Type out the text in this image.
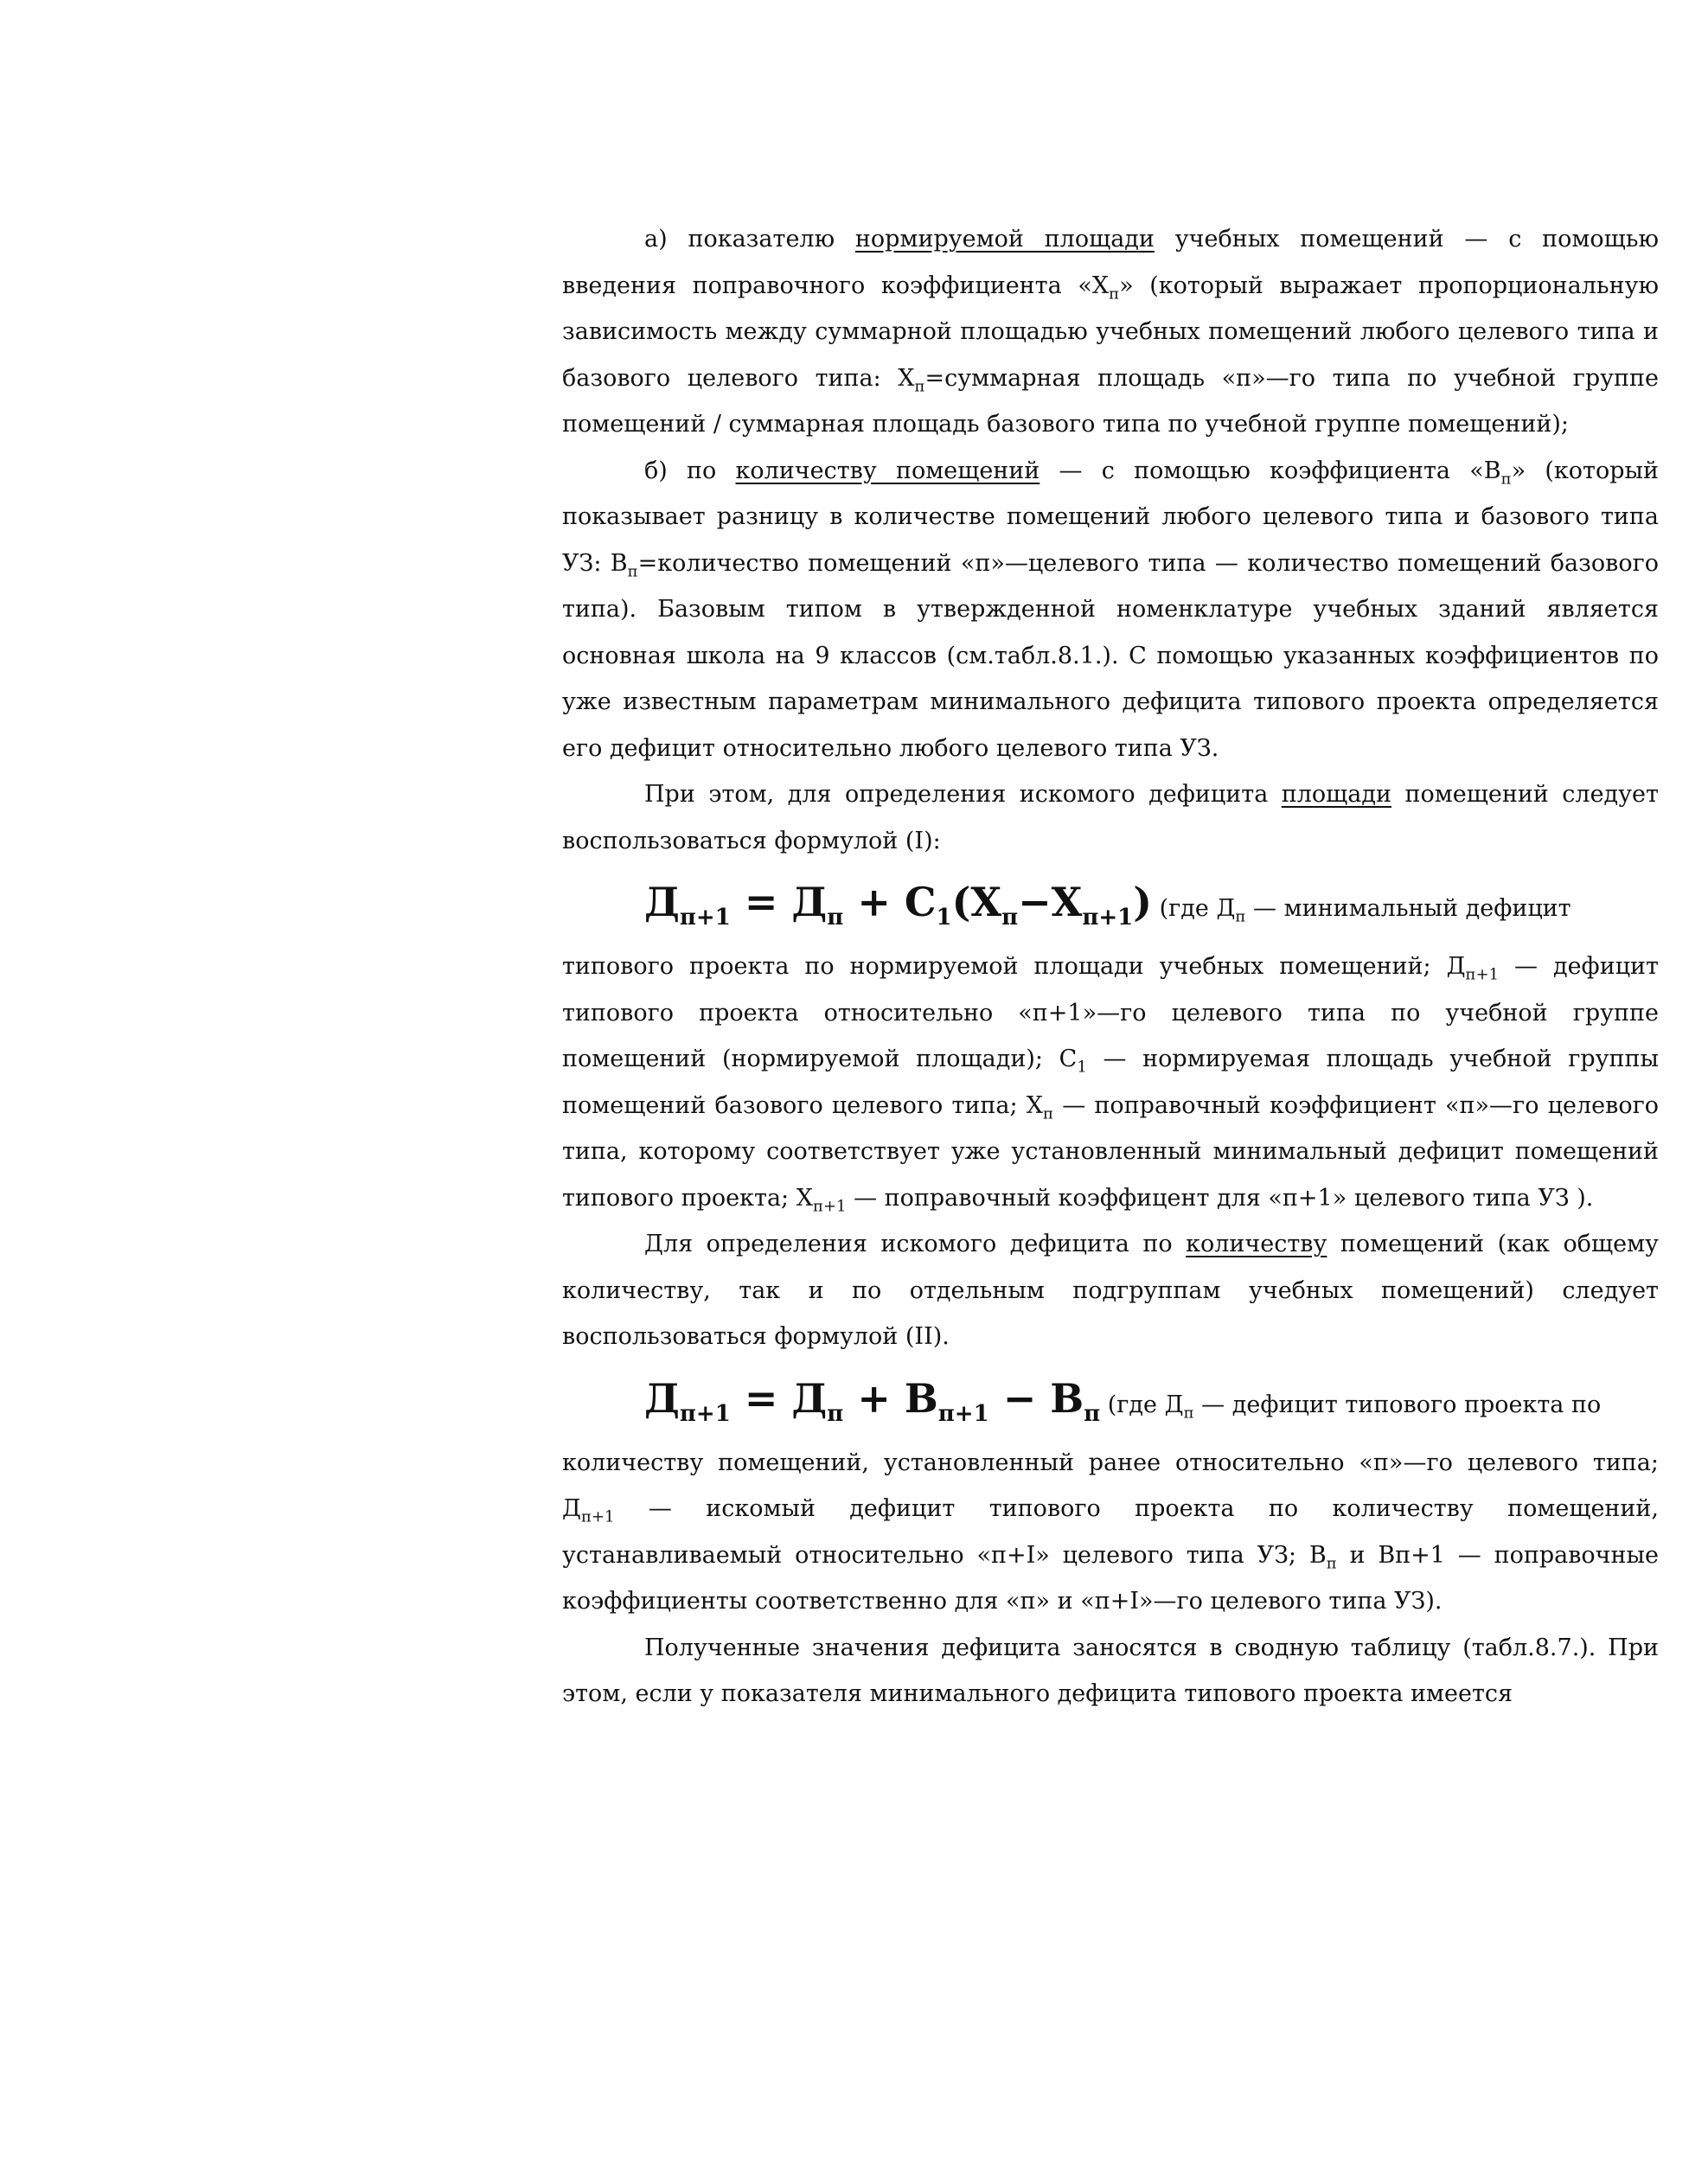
а) показателю нормируемой площади учебных помещений — с помощью введения поправочного коэффициента «$Х_п$» (который выражает пропорциональную зависимость между суммарной площадью учебных помещений любого целевого типа и базового целевого типа: $Х_п=суммарная$ площадь «п»—го типа по учебной группе помещений / суммарная площадь базового типа по учебной группе помещений);

б) по количеству помещений — с помощью коэффициента «$В_п$» (который показывает разницу в количестве помещений любого целевого типа и базового типа УЗ: $В_п=количество$ помещений «п»—целевого типа — количество помещений базового типа). Базовым типом в утвержденной номенклатуре учебных зданий является основная школа на 9 классов (см.табл.8.1.). С помощью указанных коэффициентов по уже известным параметрам минимального дефицита типового проекта определяется его дефицит относительно любого целевого типа УЗ.

При этом, для определения искомого дефицита площади помещений следует воспользоваться формулой (I):

$Д_{п+1} = Д_п + С_1(Х_п-Х_{п+1})$ (где $Д_п$ — минимальный дефицит

типового проекта по нормируемой площади учебных помещений; $Д_{п+1}$ — дефицит типового проекта относительно «п+1»—го целевого типа по учебной группе помещений (нормируемой площади); $С_1$ — нормируемая площадь учебной группы помещений базового целевого типа; $Х_п$ — поправочный коэффициент «п»—го целевого типа, которому соответствует уже установленный минимальный дефицит помещений типового проекта; $Х_{п+1}$ — поправочный коэффицент для «п+1» целевого типа УЗ ).

Для определения искомого дефицита по количеству помещений (как общему количеству, так и по отдельным подгруппам учебных помещений) следует воспользоваться формулой (II).

$Д_{п+1} = Д_п + В_{п+1} - В_п$ (где $Д_п$ — дефицит типового проекта по

количеству помещений, установленный ранее относительно «п»—го целевого типа; $Д_{п+1}$ — искомый дефицит типового проекта по количеству помещений, устанавливаемый относительно «п+I» целевого типа УЗ; $В_п$ и Вп+1 — поправочные коэффициенты соответственно для «п» и «п+I»—го целевого типа УЗ).

Полученные значения дефицита заносятся в сводную таблицу (табл.8.7.). При этом, если у показателя минимального дефицита типового проекта имеется
